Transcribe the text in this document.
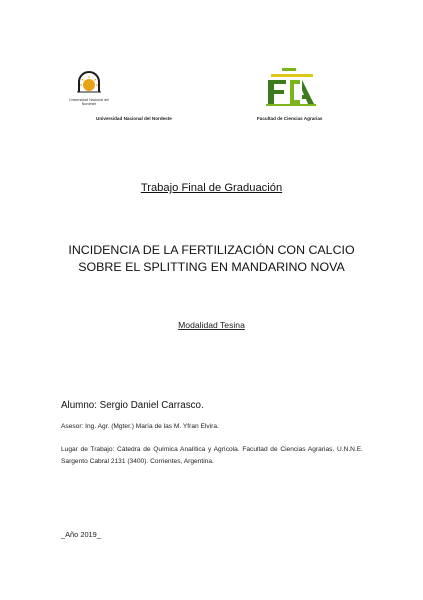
Universidad Nacional del Nordeste
Universidad Nacional del Nordeste	Facultad de Ciencias Agrarias
Trabajo Final de Graduación
INCIDENCIA DE LA FERTILIZACIÓN CON CALCIO
SOBRE EL SPLITTING EN MANDARINO NOVA
Modalidad Tesina
Alumno: Sergio Daniel Carrasco.
Asesor: Ing. Agr. (Mgter.) María de las M. Yfran Elvira.
Lugar de Trabajo: Cátedra de Química Analítica y Agrícola. Facultad de Ciencias Agrarias. U.N.N.E. Sargento Cabral 2131 (3400). Corrientes, Argentina.
_Año 2019_
